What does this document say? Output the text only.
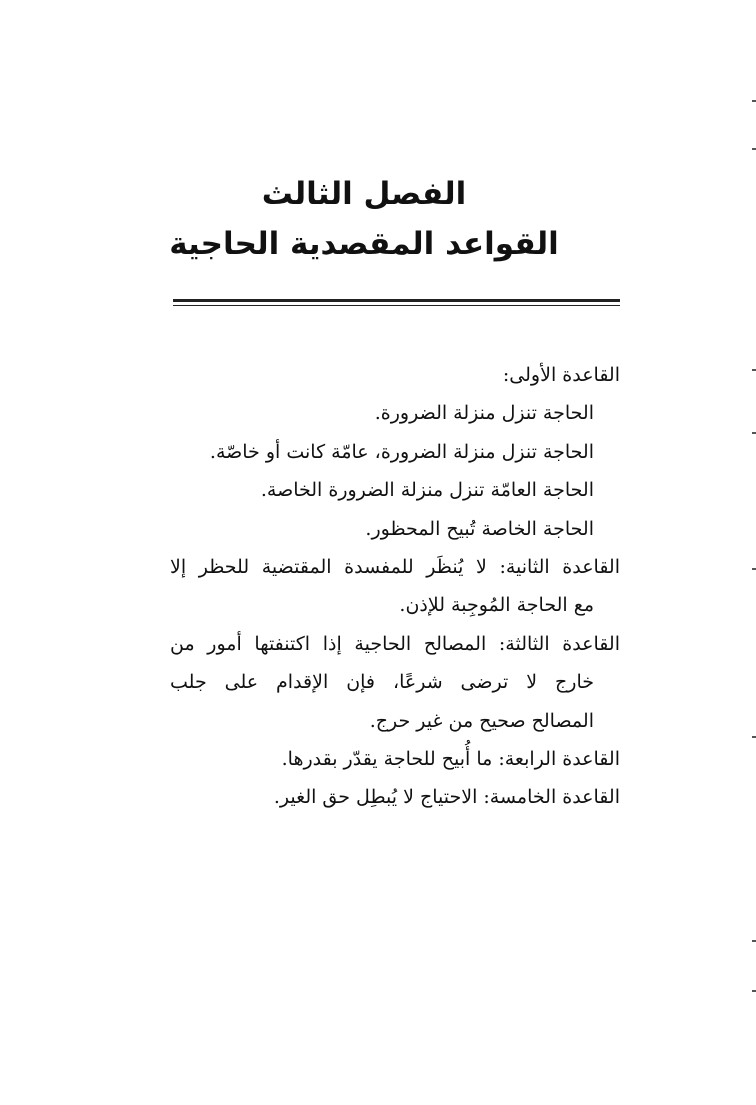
الفصل الثالث
القواعد المقصدية الحاجية
القاعدة الأولى:
الحاجة تنزل منزلة الضرورة.
الحاجة تنزل منزلة الضرورة، عامّة كانت أو خاصّة.
الحاجة العامّة تنزل منزلة الضرورة الخاصة.
الحاجة الخاصة تُبيح المحظور.
القاعدة الثانية: لا يُنظَر للمفسدة المقتضية للحظر إلا
مع الحاجة المُوجِبة للإذن.
القاعدة الثالثة: المصالح الحاجية إذا اكتنفتها أمور من
خارج لا ترضى شرعًا، فإن الإقدام على جلب
المصالح صحيح من غير حرج.
القاعدة الرابعة: ما أُبيح للحاجة يقدّر بقدرها.
القاعدة الخامسة: الاحتياج لا يُبطِل حق الغير.
